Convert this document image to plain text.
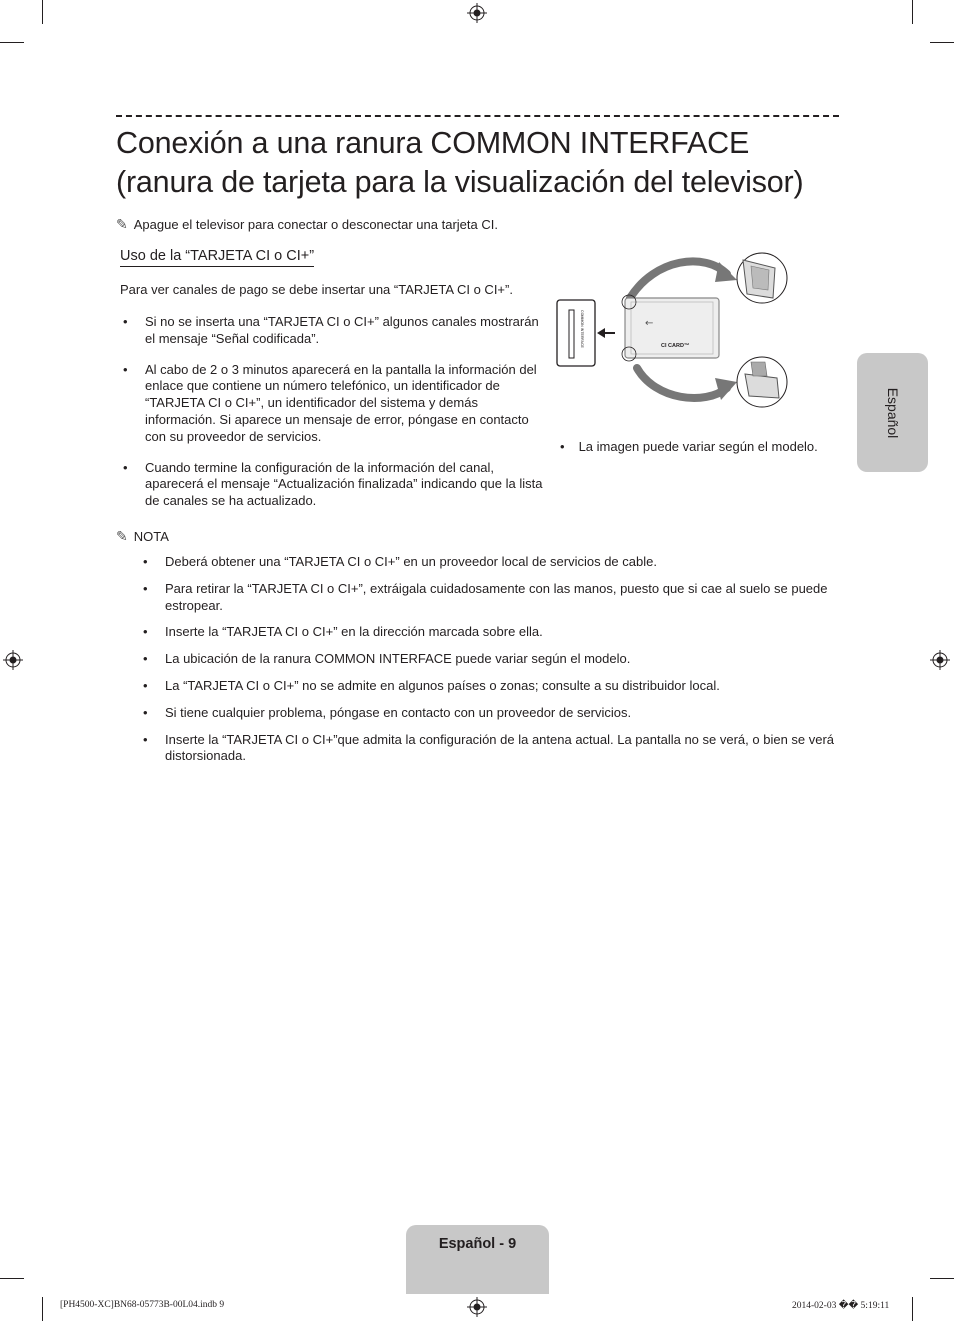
Conexión a una ranura COMMON INTERFACE
(ranura de tarjeta para la visualización del televisor)
✎ Apague el televisor para conectar o desconectar una tarjeta CI.
Uso de la “TARJETA CI o CI+”
Para ver canales de pago se debe insertar una “TARJETA CI o CI+”.
• Si no se inserta una “TARJETA CI o CI+” algunos canales mostrarán el mensaje “Señal codificada”.
• Al cabo de 2 o 3 minutos aparecerá en la pantalla la información del enlace que contiene un número telefónico, un identificador de “TARJETA CI o CI+”, un identificador del sistema y demás información. Si aparece un mensaje de error, póngase en contacto con su proveedor de servicios.
• Cuando termine la configuración de la información del canal, aparecerá el mensaje “Actualización finalizada” indicando que la lista de canales se ha actualizado.
COMMON INTERFACE	CI CARD™
←
• La imagen puede variar según el modelo.
✎ NOTA
• Deberá obtener una “TARJETA CI o CI+” en un proveedor local de servicios de cable.
• Para retirar la “TARJETA CI o CI+”, extráigala cuidadosamente con las manos, puesto que si cae al suelo se puede estropear.
• Inserte la “TARJETA CI o CI+” en la dirección marcada sobre ella.
• La ubicación de la ranura COMMON INTERFACE puede variar según el modelo.
• La “TARJETA CI o CI+” no se admite en algunos países o zonas; consulte a su distribuidor local.
• Si tiene cualquier problema, póngase en contacto con un proveedor de servicios.
• Inserte la “TARJETA CI o CI+”que admita la configuración de la antena actual. La pantalla no se verá, o bien se verá distorsionada.
Español
Español - 9
[PH4500-XC]BN68-05773B-00L04.indb 9	2014-02-03 �� 5:19:11
